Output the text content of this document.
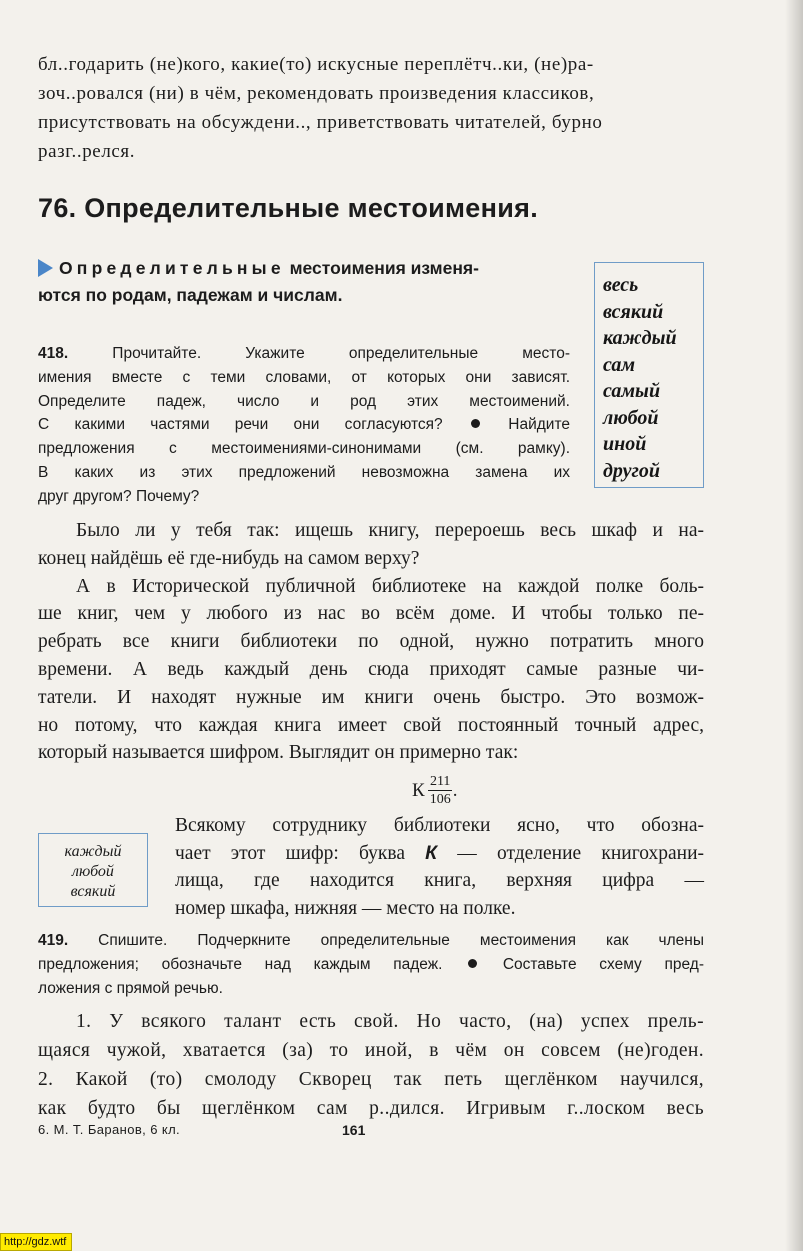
бл..годарить (не)кого, какие(то) искусные переплётч..ки, (не)ра-
зоч..ровался (ни) в чём, рекомендовать произведения классиков,
присутствовать на обсуждени.., приветствовать читателей, бурно
разг..релся.
76. Определительные местоимения.
Определительные местоимения изменя-
ются по родам, падежам и числам.	весь
всякий
каждый
сам
самый
любой
иной
другой
418. Прочитайте. Укажите определительные место-
имения вместе с теми словами, от которых они зависят.
Определите падеж, число и род этих местоимений.
С какими частями речи они согласуются?	Найдите
предложения с местоимениями-синонимами (см. рамку).
В каких из этих предложений невозможна замена их
друг другом? Почему?
Было ли у тебя так: ищешь книгу, перероешь весь шкаф и на-
конец найдёшь её где-нибудь на самом верху?
А в Исторической публичной библиотеке на каждой полке боль-
ше книг, чем у любого из нас во всём доме. И чтобы только пе-
ребрать все книги библиотеки по одной, нужно потратить много
времени. А ведь каждый день сюда приходят самые разные чи-
татели. И находят нужные им книги очень быстро. Это возмож-
но потому, что каждая книга имеет свой постоянный точный адрес,
который называется шифром. Выглядит он примерно так:
К $\frac{211}{106}$ .
каждый
любой
всякий
Всякому сотруднику библиотеки ясно, что обозна-
чает этот шифр: буква К — отделение книгохрани-
лища, где находится книга, верхняя цифра —
номер шкафа, нижняя — место на полке.
419. Спишите. Подчеркните определительные местоимения как члены
предложения; обозначьте над каждым падеж.  Составьте схему пред-
ложения с прямой речью.
1. У всякого талант есть свой. Но часто, (на) успех прель-
щаяся чужой, хватается (за) то иной, в чём он совсем (не)годен.
2. Какой (то) смолоду Скворец так петь щеглёнком научился,
как будто бы щеглёнком сам р..дился. Игривым г..лоском весь
6. М. Т. Баранов, 6 кл.	161
http://gdz.wtf
